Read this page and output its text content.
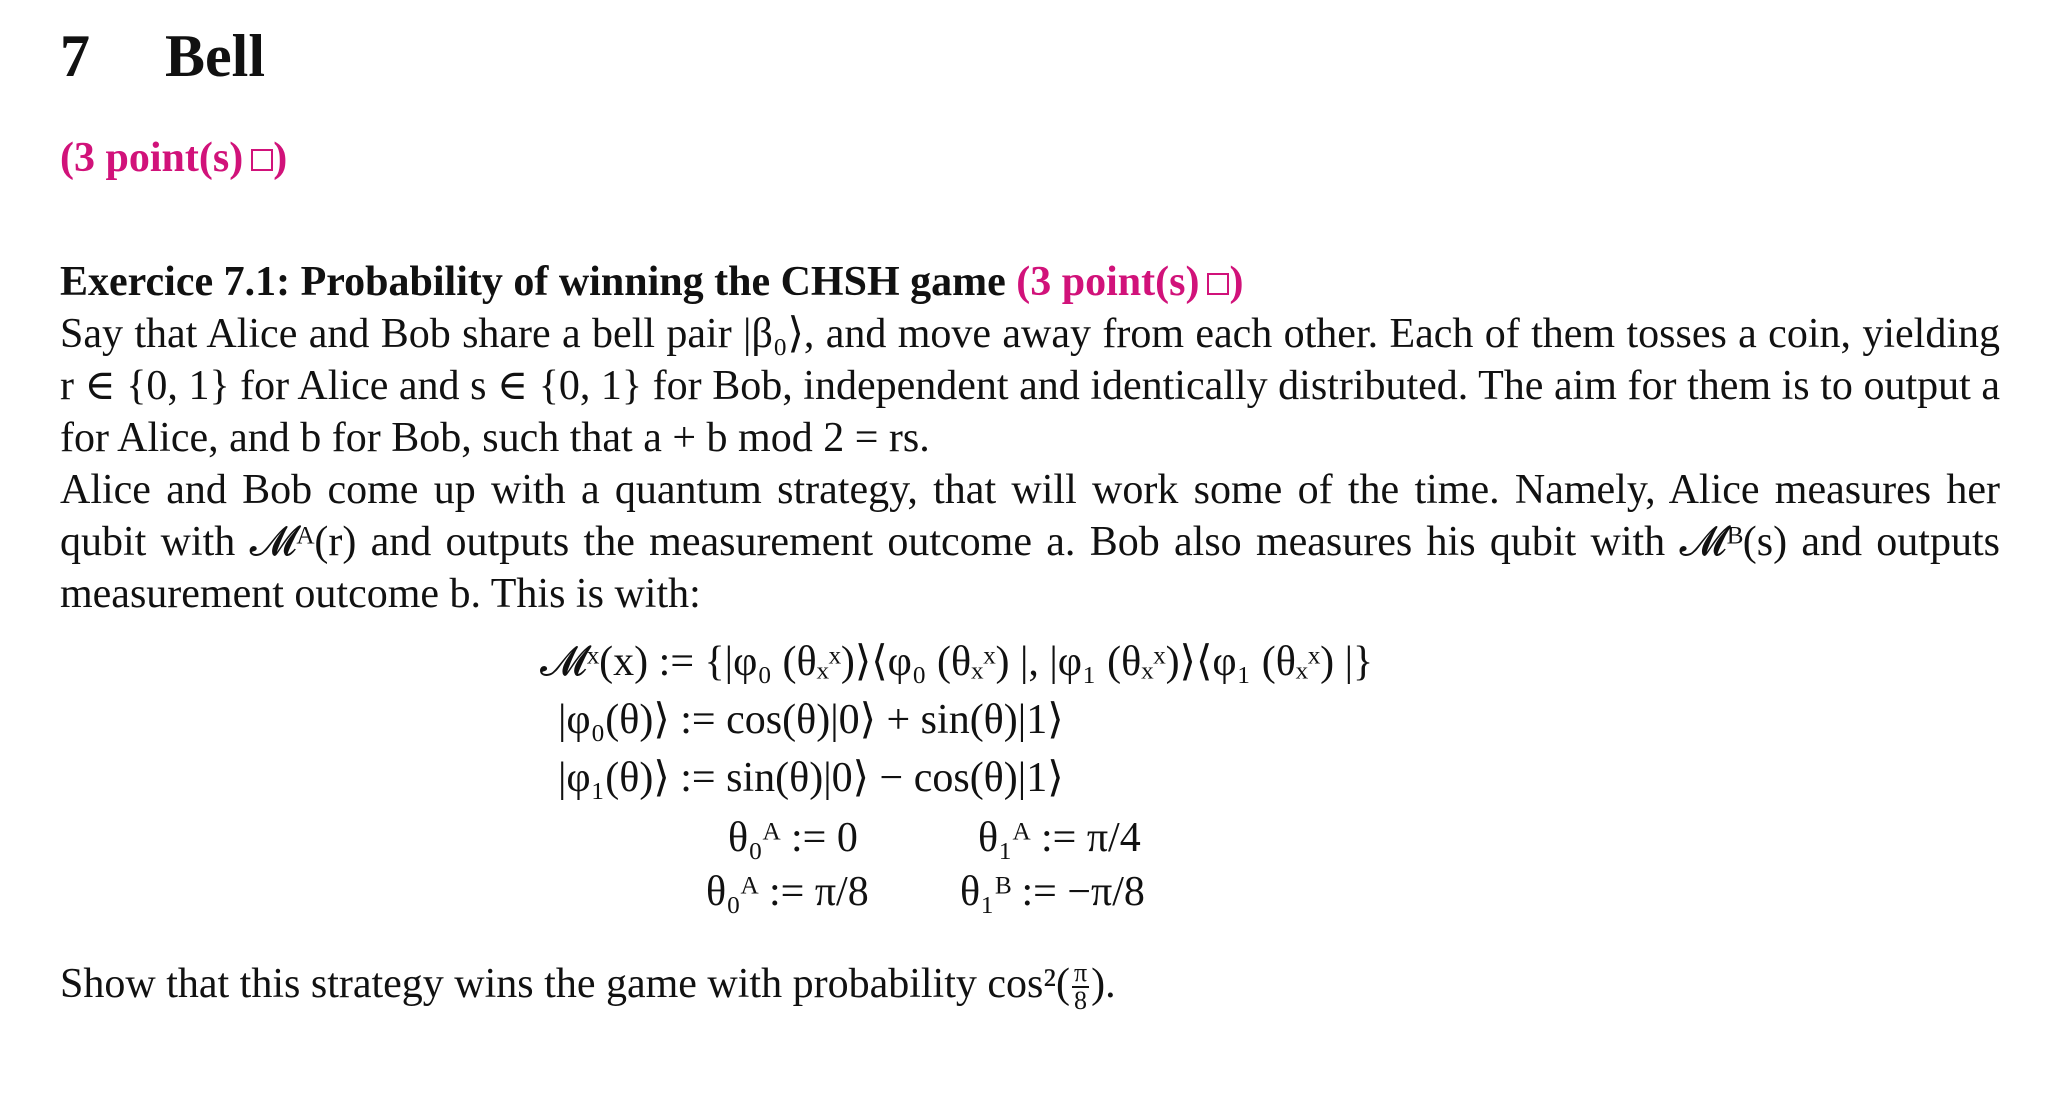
7 Bell
(3 point(s) )
Exercice 7.1: Probability of winning the CHSH game (3 point(s) )

Say that Alice and Bob share a bell pair |β₀⟩, and move away from each other. Each of them tosses a coin, yielding r ∈ {0, 1} for Alice and s ∈ {0, 1} for Bob, independent and identically distributed. The aim for them is to output a for Alice, and b for Bob, such that a + b mod 2 = rs.

Alice and Bob come up with a quantum strategy, that will work some of the time. Namely, Alice measures her qubit with 𝓜ᴬ(r) and outputs the measurement outcome a. Bob also measures his qubit with 𝓜ᴮ(s) and outputs measurement outcome b. This is with:

𝓜ˣ(x) := {|φ₀ (θₓˣ)⟩⟨φ₀ (θₓˣ) |, |φ₁ (θₓˣ)⟩⟨φ₁ (θₓˣ) |}
|φ₀(θ)⟩ := cos(θ)|0⟩ + sin(θ)|1⟩
|φ₁(θ)⟩ := sin(θ)|0⟩ − cos(θ)|1⟩
θ₀ᴬ := 0	θ₁ᴬ := π/4
θ₀ᴬ := π/8 θ₁ᴮ := −π/8
Show that this strategy wins the game with probability $\cos^2( \frac{\pi}{8}$ ).
